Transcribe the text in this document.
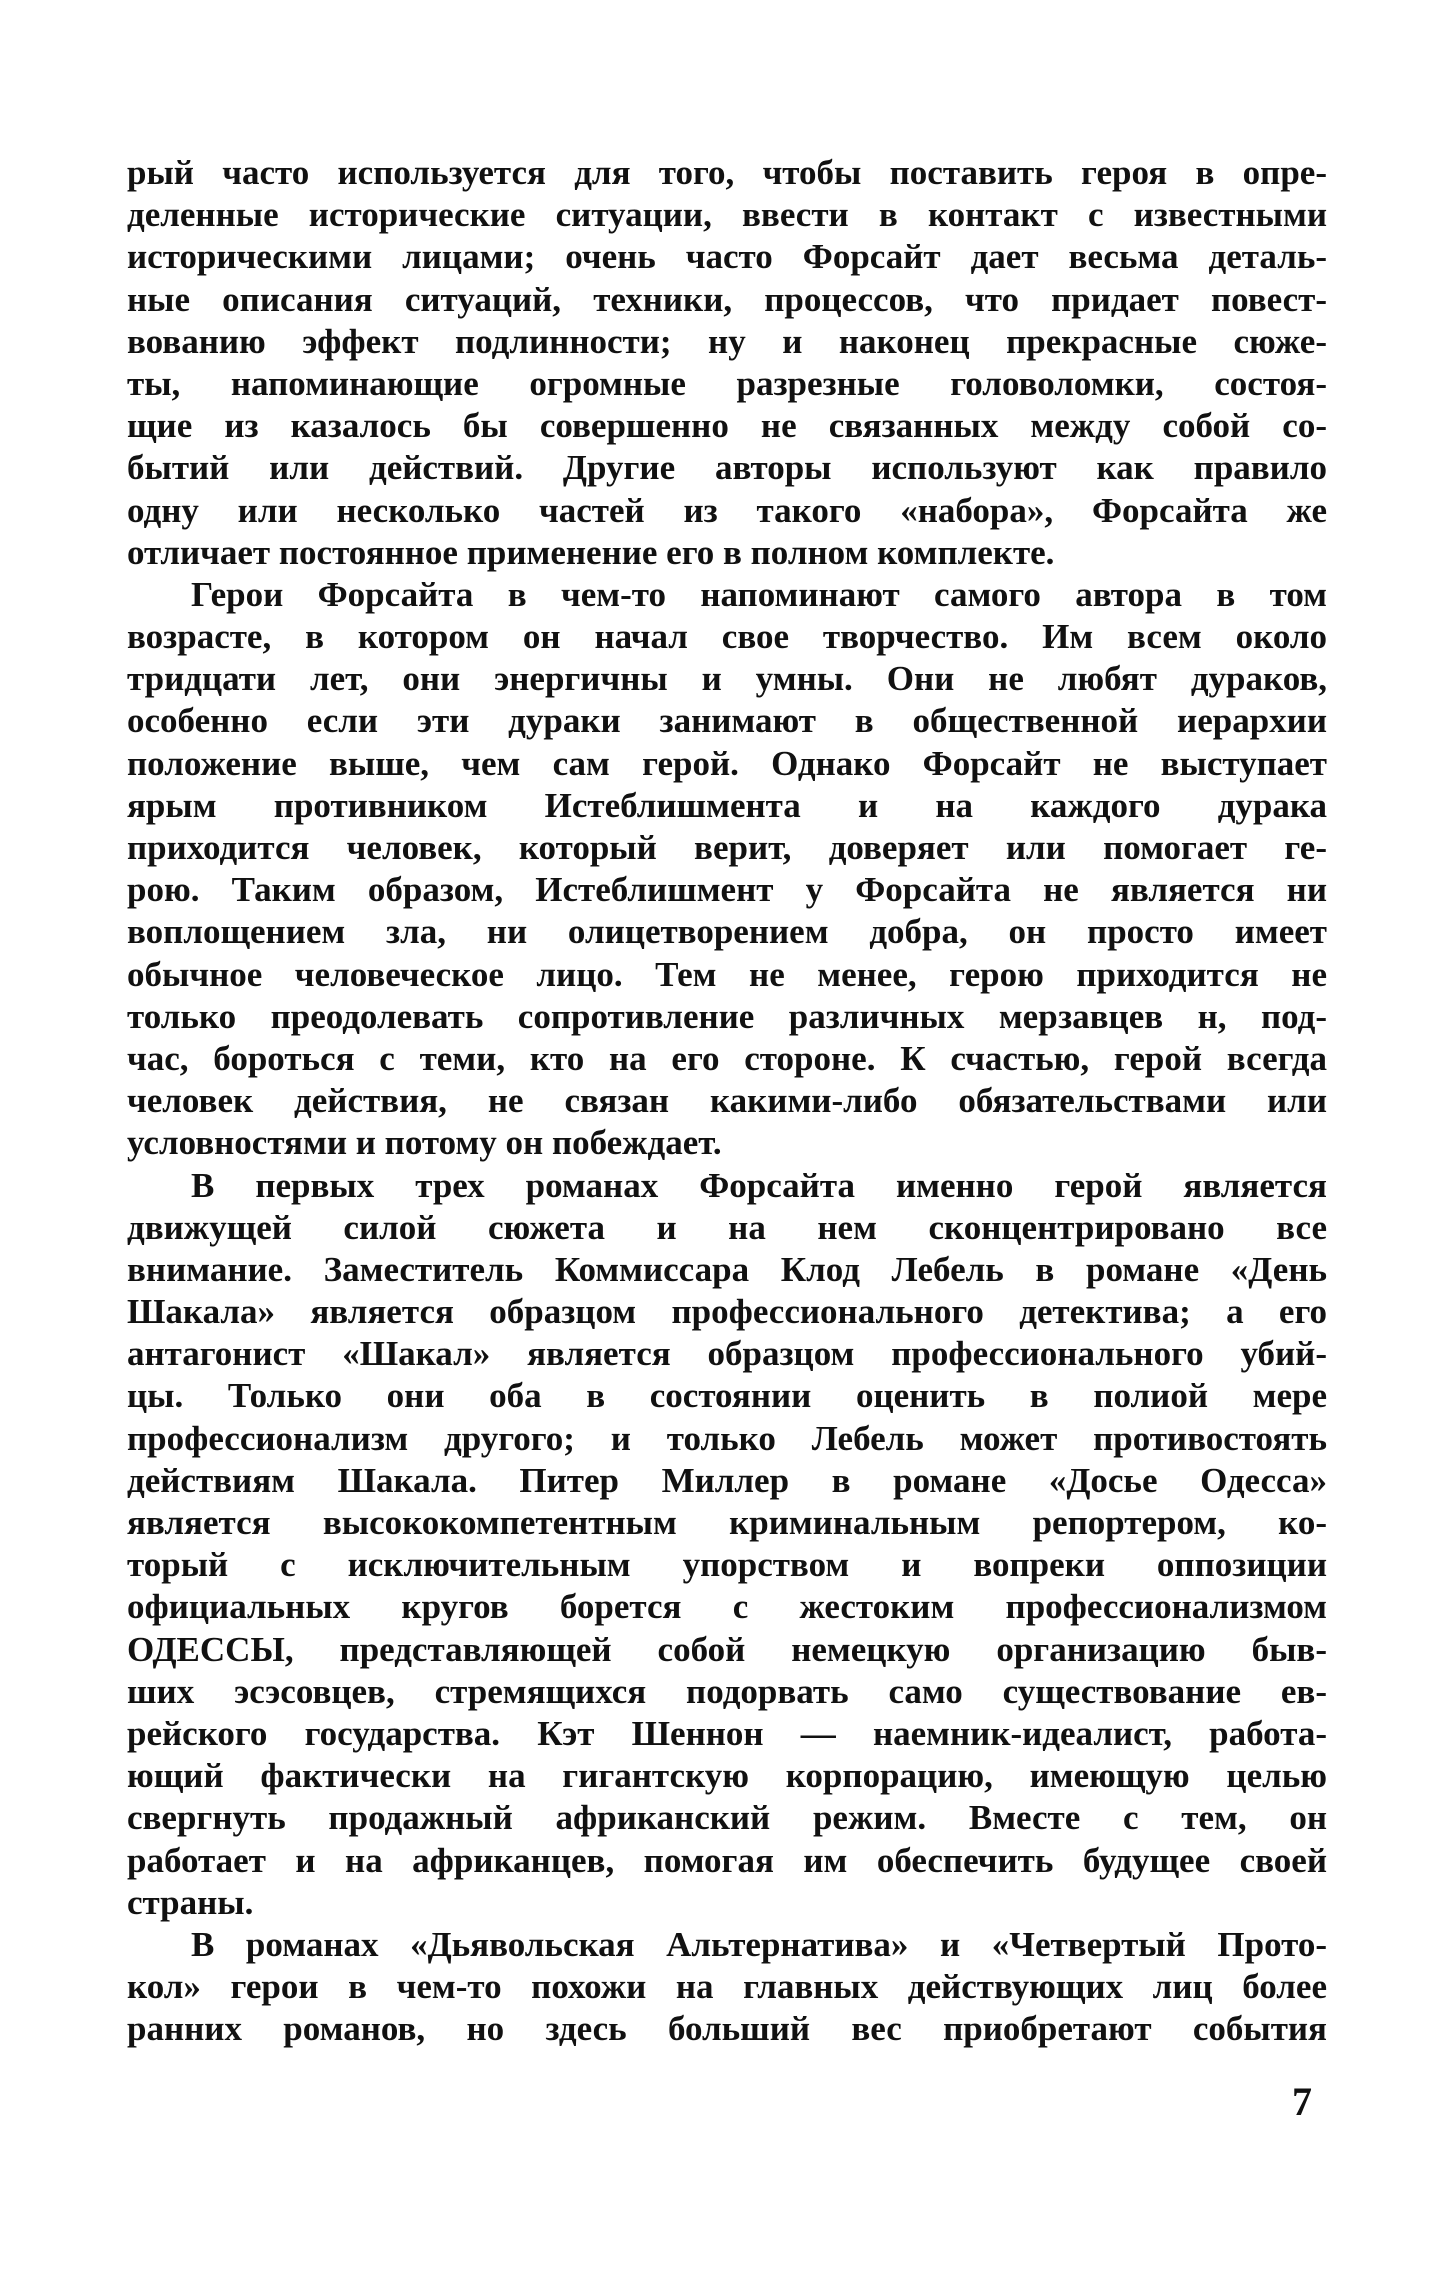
рый часто используется для того, чтобы поставить героя в опре-
деленные исторические ситуации, ввести в контакт с известными
историческими лицами; очень часто Форсайт дает весьма деталь-
ные описания ситуаций, техники, процессов, что придает повест-
вованию эффект подлинности; ну и наконец прекрасные сюже-
ты, напоминающие огромные разрезные головоломки, состоя-
щие из казалось бы совершенно не связанных между собой со-
бытий или действий. Другие авторы используют как правило
одну или несколько частей из такого «набора», Форсайта же
отличает постоянное применение его в полном комплекте.
Герои Форсайта в чем-то напоминают самого автора в том
возрасте, в котором он начал свое творчество. Им всем около
тридцати лет, они энергичны и умны. Они не любят дураков,
особенно если эти дураки занимают в общественной иерархии
положение выше, чем сам герой. Однако Форсайт не выступает
ярым противником Истеблишмента и на каждого дурака
приходится человек, который верит, доверяет или помогает ге-
рою. Таким образом, Истеблишмент у Форсайта не является ни
воплощением зла, ни олицетворением добра, он просто имеет
обычное человеческое лицо. Тем не менее, герою приходится не
только преодолевать сопротивление различных мерзавцев н, под-
час, бороться с теми, кто на его стороне. К счастью, герой всегда
человек действия, не связан какими-либо обязательствами или
условностями и потому он побеждает.
В первых трех романах Форсайта именно герой является
движущей силой сюжета и на нем сконцентрировано все
внимание. Заместитель Коммиссара Клод Лебель в романе «День
Шакала» является образцом профессионального детектива; а его
антагонист «Шакал» является образцом профессионального убий-
цы. Только они оба в состоянии оценить в полиой мере
профессионализм другого; и только Лебель может противостоять
действиям Шакала. Питер Миллер в романе «Досье Одесса»
является высококомпетентным криминальным репортером, ко-
торый с исключительным упорством и вопреки оппозиции
официальных кругов борется с жестоким профессионализмом
ОДЕССЫ, представляющей собой немецкую организацию быв-
ших эсэсовцев, стремящихся подорвать само существование ев-
рейского государства. Кэт Шеннон — наемник-идеалист, работа-
ющий фактически на гигантскую корпорацию, имеющую целью
свергнуть продажный африканский режим. Вместе с тем, он
работает и на африканцев, помогая им обеспечить будущее своей
страны.
В романах «Дьявольская Альтернатива» и «Четвертый Прото-
кол» герои в чем-то похожи на главных действующих лиц более
ранних романов, но здесь больший вес приобретают события
7
